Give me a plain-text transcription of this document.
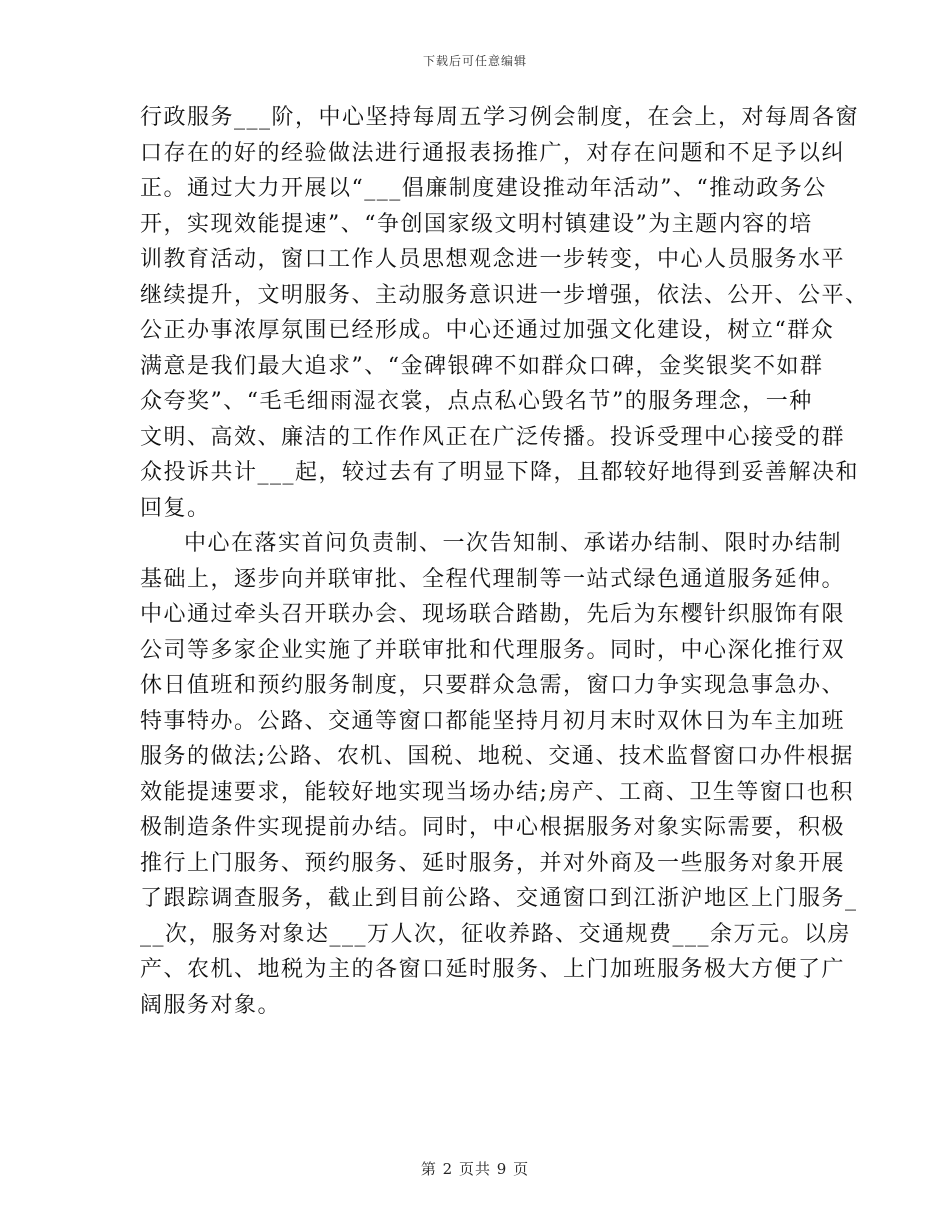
下载后可任意编辑
行政服务___阶，中心坚持每周五学习例会制度，在会上，对每周各窗
口存在的好的经验做法进行通报表扬推广，对存在问题和不足予以纠
正。通过大力开展以“___倡廉制度建设推动年活动”、“推动政务公
开，实现效能提速”、“争创国家级文明村镇建设”为主题内容的培
训教育活动，窗口工作人员思想观念进一步转变，中心人员服务水平
继续提升，文明服务、主动服务意识进一步增强，依法、公开、公平、
公正办事浓厚氛围已经形成。中心还通过加强文化建设，树立“群众
满意是我们最大追求”、“金碑银碑不如群众口碑，金奖银奖不如群
众夸奖”、“毛毛细雨湿衣裳，点点私心毁名节”的服务理念，一种
文明、高效、廉洁的工作作风正在广泛传播。投诉受理中心接受的群
众投诉共计___起，较过去有了明显下降，且都较好地得到妥善解决和
回复。
中心在落实首问负责制、一次告知制、承诺办结制、限时办结制
基础上，逐步向并联审批、全程代理制等一站式绿色通道服务延伸。
中心通过牵头召开联办会、现场联合踏勘，先后为东樱针织服饰有限
公司等多家企业实施了并联审批和代理服务。同时，中心深化推行双
休日值班和预约服务制度，只要群众急需，窗口力争实现急事急办、
特事特办。公路、交通等窗口都能坚持月初月末时双休日为车主加班
服务的做法;公路、农机、国税、地税、交通、技术监督窗口办件根据
效能提速要求，能较好地实现当场办结;房产、工商、卫生等窗口也积
极制造条件实现提前办结。同时，中心根据服务对象实际需要，积极
推行上门服务、预约服务、延时服务，并对外商及一些服务对象开展
了跟踪调查服务，截止到目前公路、交通窗口到江浙沪地区上门服务_
__次，服务对象达___万人次，征收养路、交通规费___余万元。以房
产、农机、地税为主的各窗口延时服务、上门加班服务极大方便了广
阔服务对象。
第 2 页共 9 页
